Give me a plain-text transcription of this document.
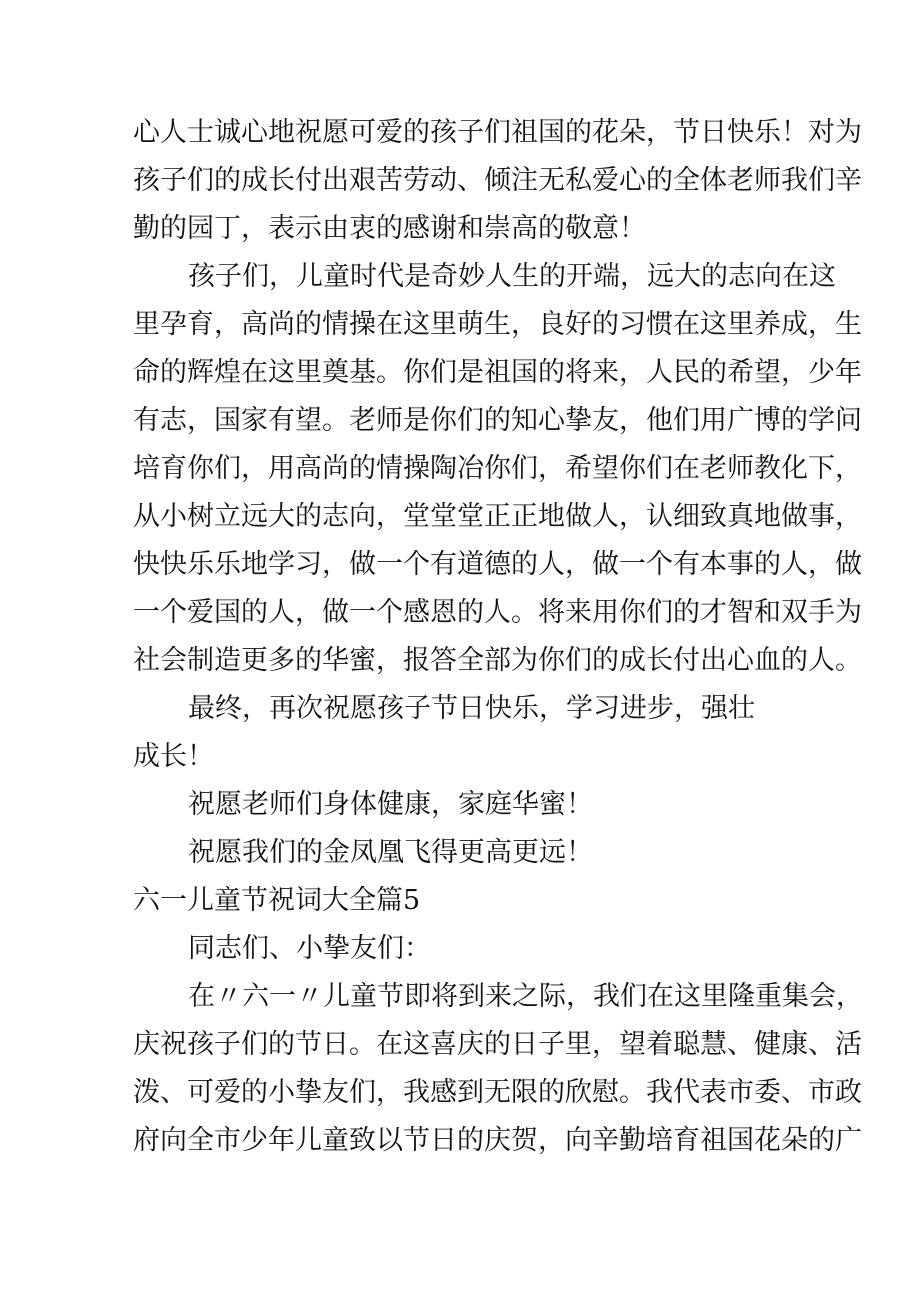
心人士诚心地祝愿可爱的孩子们祖国的花朵，节日快乐！对为
孩子们的成长付出艰苦劳动、倾注无私爱心的全体老师我们辛
勤的园丁，表示由衷的感谢和崇高的敬意！
孩子们，儿童时代是奇妙人生的开端，远大的志向在这
里孕育，高尚的情操在这里萌生，良好的习惯在这里养成，生
命的辉煌在这里奠基。你们是祖国的将来，人民的希望，少年
有志，国家有望。老师是你们的知心挚友，他们用广博的学问
培育你们，用高尚的情操陶冶你们，希望你们在老师教化下，
从小树立远大的志向，堂堂堂正正地做人，认细致真地做事，
快快乐乐地学习，做一个有道德的人，做一个有本事的人，做
一个爱国的人，做一个感恩的人。将来用你们的才智和双手为
社会制造更多的华蜜，报答全部为你们的成长付出心血的人。
最终，再次祝愿孩子节日快乐，学习进步，强壮
成长！
祝愿老师们身体健康，家庭华蜜！
祝愿我们的金凤凰飞得更高更远！
六一儿童节祝词大全篇5
同志们、小挚友们：
在〃六一〃儿童节即将到来之际，我们在这里隆重集会，
庆祝孩子们的节日。在这喜庆的日子里，望着聪慧、健康、活
泼、可爱的小挚友们，我感到无限的欣慰。我代表市委、市政
府向全市少年儿童致以节日的庆贺，向辛勤培育祖国花朵的广
